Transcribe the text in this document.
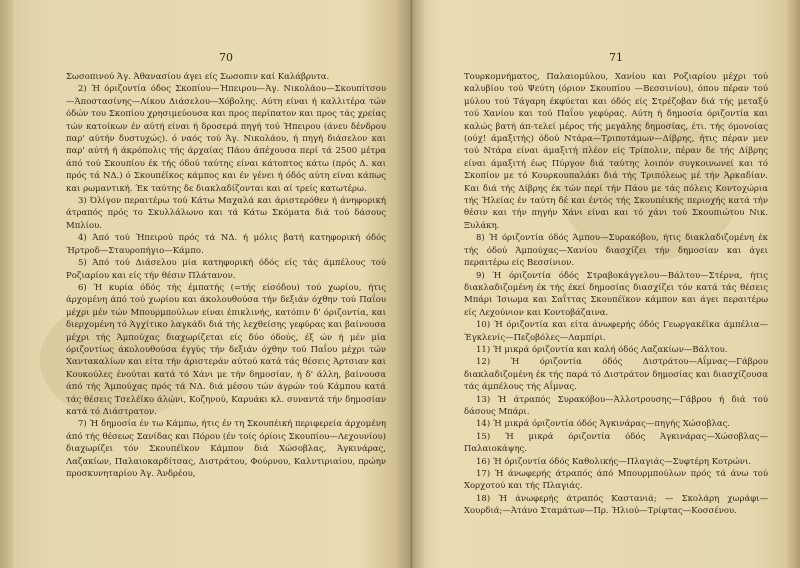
70

Σωσοπινού Άγ. Άθανασίου άγει είς Σωσοπιν καί Καλάβρυτα.

2) Ή όριζοντία όδος Σκοπίου—Ήπειρου—Άγ. Νικολάου—Σκουπίτσου—Άποστασίνης—Λίκου Διάσελου—Χόβολης. Αύτη είναι ή καλλιτέρα τών όδών του Σκοπίου χρησιμεύουσα και προς περίπατον και προς τάς χρείας τών κατοίκων έν αύτή είναι ή δροσερά πηγή τού Ήπειρου (άνευ δένδρου παρ' αύτήν δυστυχώς). ό ναός τού Άγ. Νικολάου, ή πηγή διάσελον και παρ' αύτή ή άκρόπολις τής άρχαίας Πάου άπέχουσα περί τά 2500 μέτρα άπό τού Σκουπίου έκ τής όδού ταύτης είναι κάτοπτος κάτω (πρός Δ. και πρός τά ΝΔ.) ό Σκουπέϊκος κάμπος και έν γένει ή όδός αύτη είναι κάπως και ρωμαντική. Έκ ταύτης δε διακλαδίζονται και αί τρείς κατωτέρω.

3) Όλίγον περαιτέρω τού Κάτω Μαχαλά και άριστερόθεν ή άνηφορική άτραπός πρός το Σκυλλάλωνο και τά Κάτω Σκόματα διά τού δάσους Μπλίου.

4) Άπό τού Ήπειρού πρός τά ΝΔ. ή μόλις βατή κατηφορική όδός Ήρτροδ—Σταυροπήγιο—Κάμπο.

5) Άπό τού Διάσελου μία κατηφορική όδός είς τάς άμπέλους τού Ροζιαρίου και είς τήν θέσιν Πλάτανον.

6) Ή κυρία όδός τής έμπατής (=τής είσόδου) τού χωρίου, ήτις άρχομένη άπό τού χωρίου και άκολουθούσα τήν δεξιάν όχθην τού Παΐου μέχρι μέν τών Μπουρμπούλων είναι έπικλινής, κατόπιν δ' όριζοντία, και διερχομένη τό Άγχίτικο λαγκάδι διά τής λεχθείσης γεφύρας και βαίνουσα μέχρι τής Άμπούχας διαχωρίζεται είς δύο όδούς, έξ ών ή μέν μία όριζοντίως άκολουθούσα έγγύς τήν δεξιάν όχθην τού Παΐου μέχρι τών Χαντακαλίων και είτα τήν άριστεράν αύτού κατά τάς θέσεις Άρτσιαν και Κουκούλες ένούται κατά τό Χάνι με τήν δημοσίαν, ή δ' άλλη, βαίνουσα άπό τής Άμπούχας πρός τά ΝΔ. διά μέσου τών άγρών τού Κάμπου κατά τάς θέσεις Τσελέϊκο άλώνι, Κοζηνού, Καρυάκι κλ. συναντά τήν δημοσίαν κατά τό Διάστρατον.

7) Ή δημοσία έν τω Κάμπω, ήτις έν τη Σκουπέική περιφερεία άρχομένη άπό τής θέσεως Σανίδας και Πόρου (έν τοίς όρίοις Σκουπίου—Λεχουνίου) διαχωρίζει τόν Σκουπέϊκον Κάμπον διά Χώσοβλας, Άγκινάρας, Λαζακίων, Παλαιοκαρδίτσας, Διστράτου, Φούρνου, Καλντιριαίου, πρώην προσκυνηταρίου Άγ. Άνδρέου,

71

Τουρκομνήματος, Παλαιομύλου, Χανίου και Ροζιαρίου μέχρι τού καλυβίου τού Ψεύτη (όριον Σκουπίου —Βεσσινίου), όπου πέραν τού μύλου τού Τάγαρη έκφύεται και όδός είς Στρέζοβαν διά τής μεταξύ τού Χανίου και τού Παΐου γεφύρας. Αύτη ή δημοσία όριζοντία και καλώς βατή άπ-τελεί μέρος τής μεγάλης δημοσίας, έτι. τής όμονοίας (ούχ! άμαξιτής) όδού Ντάρα—Τριποτάμων—Δίβρης, ήτις πέραν μεν τού Ντάρα είναι άμαξιτή πλέον είς Τρίπολιν, πέραν δε τής Δίβρης είναι άμαξιτή έως Πύργον διά ταύτης λοιπόν συγκοινωνεί και τό Σκοπίον με τό Κουρκουπαλάκι διά τής Τριπόλεως μέ τήν Άρκαδίαν. Και διά τής Δίβρης έκ τών περί τήν Πάου με τάς πόλεις Κοντοχώρια τής Ήλείας έν ταύτη δέ και έντός τής Σκουπέικής περιοχής κατά τήν θέσιν και τήν πηγήν Χάνι είναι και τό χάνι τού Σκουπιώτου Νικ. Ξυλάκη.

8) Ή όριζοντία όδός Άμπου—Συρακόβου, ήτις διακλαδιζομένη έκ τής όδού Άμπούχας—Χανίου διασχίζει τήν δημοσίαν και άγει περαιτέρω είς Βεσσίνιον.

9) Ή όριζοντία όδός Στραβοκάγγελου—Βάλτου—Στέρνα, ήτις διακλαδιζομένη έκ τής έκεί δημοσίας διασχίζει τόν κατά τάς θέσεις Μπάρι Ίσιωμα και Σαΐττας Σκουπέϊκον κάμπον και άγει περαιτέρω είς Λεχούνιον και Κοντοβάζαινα.

10) Ή όριζοντία και είτα άνωφερής όδός Γεωργακέϊκα άμπέλια—Έγκλενίς—Πεζοβόλες—Λαμπίρι.

11) Ή μικρά όριζοντία και καλή όδός Λαζακίων—Βάλτου.

12) Ή όριζοντία όδός Διστράτου—Αΐμνας—Γάβρου διακλαδιζομένη έκ τής παρά τό Διστράτον δημοσίας και διασχίζουσα τάς άμπέλους τής Αΐμνας.

13) Ή άτραπός Συρακόβου—Άλλοτρουσης—Γάβρου ή διά τού δάσους Μπάρι.

14) Ή μικρά όριζοντία όδός Άγκινάρας—πηγής Χώσοβλας.

15) Ή μικρά όριζοντία όδός Άγκινάρας—Χώσοβλας—Παλαιοκάψης.

16) Ή όριζοντία όδός Καθολικής—Πλαγιάς—Συφτέρη Κοτρώνι.

17) Ή άνωφερής άτραπός άπό Μπουρμπούλων πρός τά άνω τού Χορχοτού και τής Πλαγιάς.

18) Ή άνωφερής άτραπός Καστανιά; — Σκολάρη χωράφι— Χουρδιά;—Άτάνο Σταμάτων—Πρ. Ήλιού—Τρίφτας—Κοσσένου.
